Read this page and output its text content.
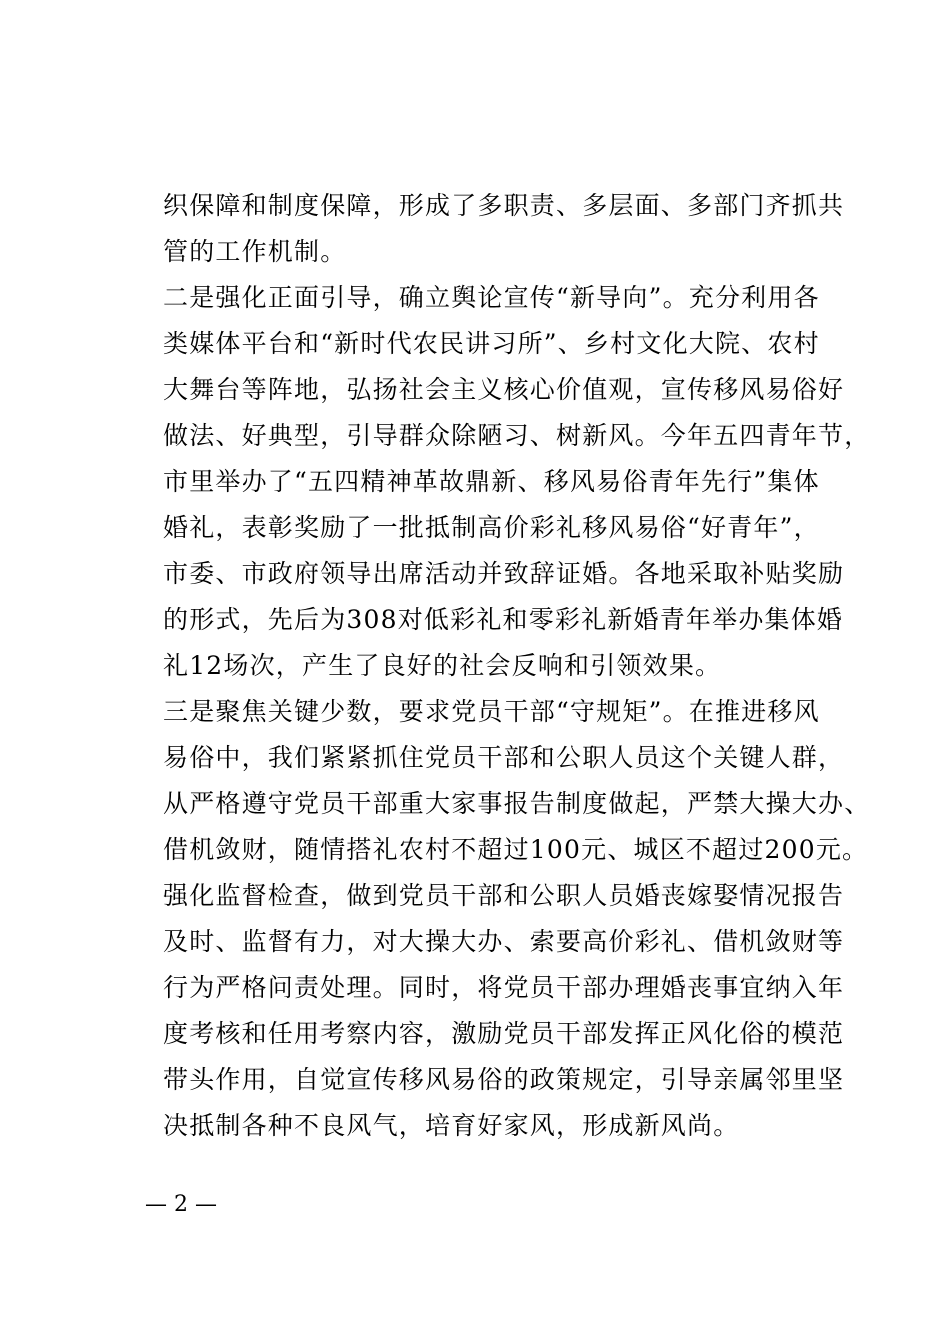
织保障和制度保障，形成了多职责、多层面、多部门齐抓共
管的工作机制。
二是强化正面引导，确立舆论宣传“新导向”。充分利用各
类媒体平台和“新时代农民讲习所”、乡村文化大院、农村
大舞台等阵地，弘扬社会主义核心价值观，宣传移风易俗好
做法、好典型，引导群众除陋习、树新风。今年五四青年节，
市里举办了“五四精神革故鼎新、移风易俗青年先行”集体
婚礼，表彰奖励了一批抵制高价彩礼移风易俗“好青年”，
市委、市政府领导出席活动并致辞证婚。各地采取补贴奖励
的形式，先后为308对低彩礼和零彩礼新婚青年举办集体婚
礼12场次，产生了良好的社会反响和引领效果。
三是聚焦关键少数，要求党员干部“守规矩”。在推进移风
易俗中，我们紧紧抓住党员干部和公职人员这个关键人群，
从严格遵守党员干部重大家事报告制度做起，严禁大操大办、
借机敛财，随情搭礼农村不超过100元、城区不超过200元。
强化监督检查，做到党员干部和公职人员婚丧嫁娶情况报告
及时、监督有力，对大操大办、索要高价彩礼、借机敛财等
行为严格问责处理。同时，将党员干部办理婚丧事宜纳入年
度考核和任用考察内容，激励党员干部发挥正风化俗的模范
带头作用，自觉宣传移风易俗的政策规定，引导亲属邻里坚
决抵制各种不良风气，培育好家风，形成新风尚。
— 2 —
